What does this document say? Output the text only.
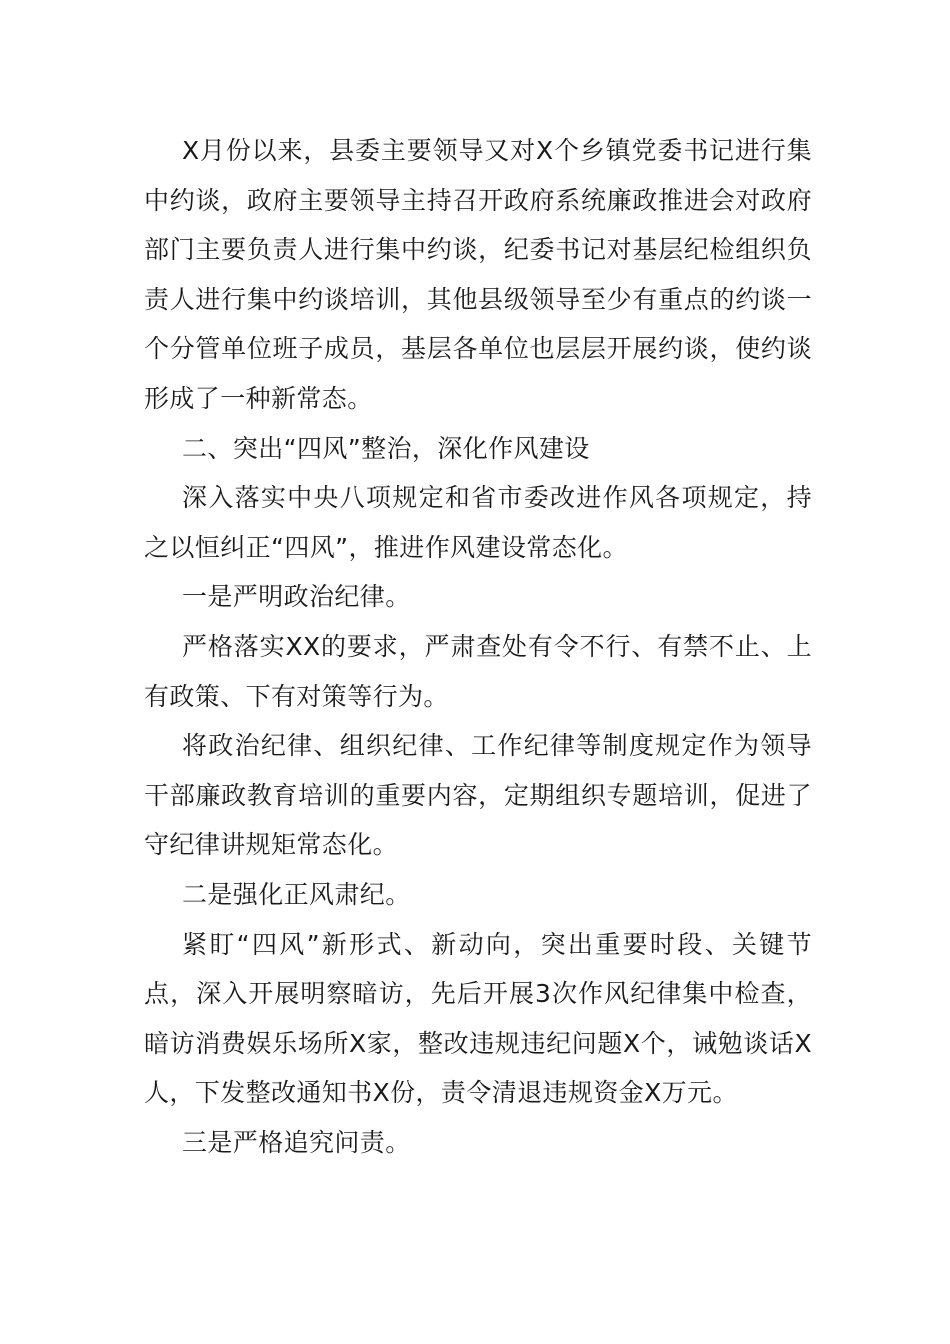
X月份以来，县委主要领导又对X个乡镇党委书记进行集中约谈，政府主要领导主持召开政府系统廉政推进会对政府部门主要负责人进行集中约谈，纪委书记对基层纪检组织负责人进行集中约谈培训，其他县级领导至少有重点的约谈一个分管单位班子成员，基层各单位也层层开展约谈，使约谈形成了一种新常态。

二、突出“四风”整治，深化作风建设

深入落实中央八项规定和省市委改进作风各项规定，持之以恒纠正“四风”，推进作风建设常态化。

一是严明政治纪律。

严格落实XX的要求，严肃查处有令不行、有禁不止、上有政策、下有对策等行为。

将政治纪律、组织纪律、工作纪律等制度规定作为领导干部廉政教育培训的重要内容，定期组织专题培训，促进了守纪律讲规矩常态化。

二是强化正风肃纪。

紧盯“四风”新形式、新动向，突出重要时段、关键节点，深入开展明察暗访，先后开展3次作风纪律集中检查，暗访消费娱乐场所X家，整改违规违纪问题X个，诫勉谈话X人，下发整改通知书X份，责令清退违规资金X万元。

三是严格追究问责。
